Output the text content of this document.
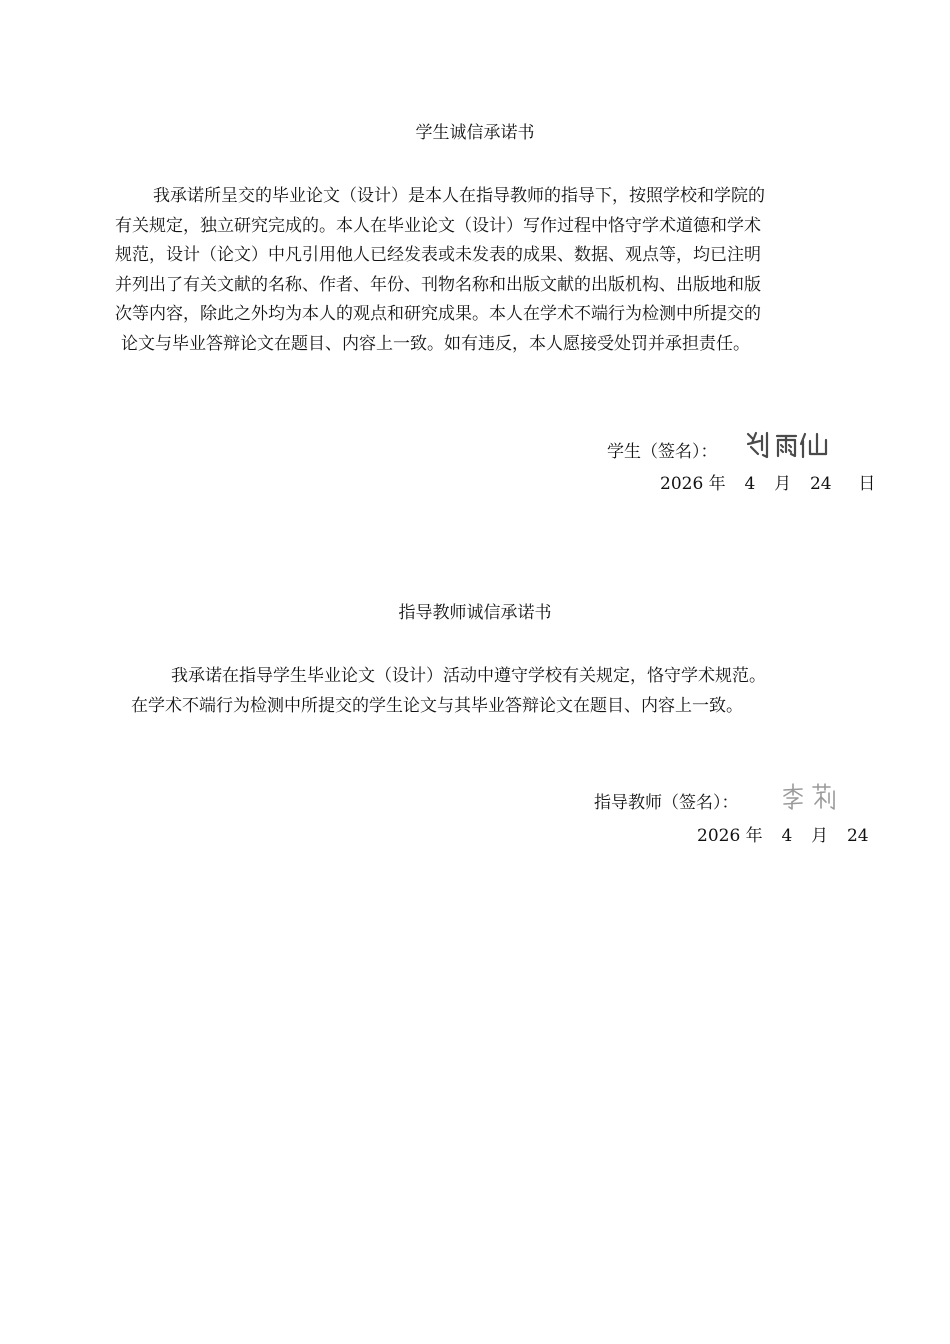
学生诚信承诺书
我承诺所呈交的毕业论文（设计）是本人在指导教师的指导下，按照学校和学院的
有关规定，独立研究完成的。本人在毕业论文（设计）写作过程中恪守学术道德和学术
规范，设计（论文）中凡引用他人已经发表或未发表的成果、数据、观点等，均已注明
并列出了有关文献的名称、作者、年份、刊物名称和出版文献的出版机构、出版地和版
次等内容，除此之外均为本人的观点和研究成果。本人在学术不端行为检测中所提交的
论文与毕业答辩论文在题目、内容上一致。如有违反，本人愿接受处罚并承担责任。
学生（签名）：
2026 年 4 月 24 日
指导教师诚信承诺书
我承诺在指导学生毕业论文（设计）活动中遵守学校有关规定，恪守学术规范。
在学术不端行为检测中所提交的学生论文与其毕业答辩论文在题目、内容上一致。
指导教师（签名）：
2026 年 4 月 24
